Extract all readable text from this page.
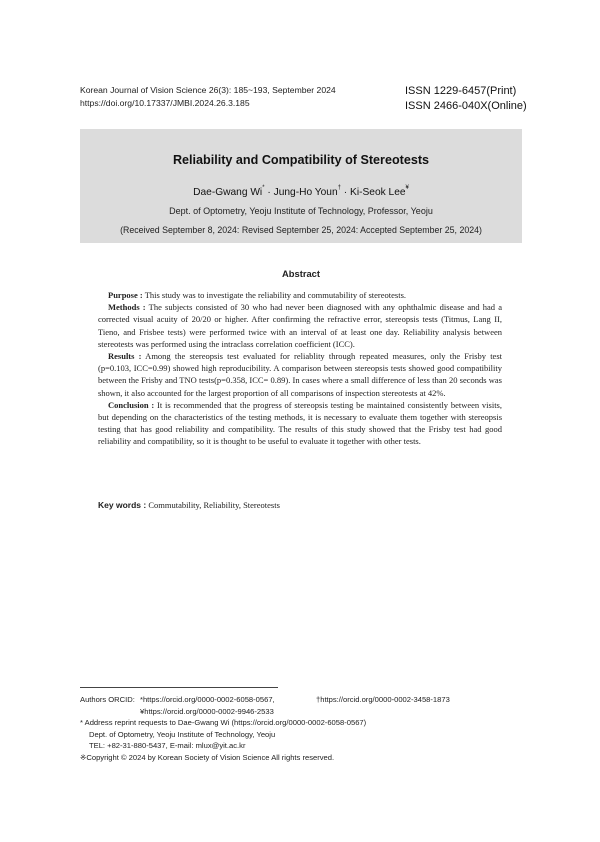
Korean Journal of Vision Science 26(3): 185~193, September 2024
https://doi.org/10.17337/JMBI.2024.26.3.185
ISSN 1229-6457(Print)
ISSN 2466-040X(Online)
Reliability and Compatibility of Stereotests
Dae-Gwang Wi* · Jung-Ho Youn† · Ki-Seok Lee¥
Dept. of Optometry, Yeoju Institute of Technology, Professor, Yeoju
(Received September 8, 2024: Revised September 25, 2024: Accepted September 25, 2024)
Abstract

Purpose : This study was to investigate the reliability and commutability of stereotests.

Methods : The subjects consisted of 30 who had never been diagnosed with any ophthalmic disease and had a corrected visual acuity of 20/20 or higher. After confirming the refractive error, stereopsis tests (Titmus, Lang II, Tieno, and Frisbee tests) were performed twice with an interval of at least one day. Reliability analysis between stereotests was performed using the intraclass correlation coefficient (ICC).

Results : Among the stereopsis test evaluated for reliablity through repeated measures, only the Frisby test (p=0.103, ICC=0.99) showed high reproducibility. A comparison between stereopsis tests showed good compatibility between the Frisby and TNO tests(p=0.358, ICC= 0.89). In cases where a small difference of less than 20 seconds was shown, it also accounted for the largest proportion of all comparisons of inspection stereotests at 42%.

Conclusion : It is recommended that the progress of stereopsis testing be maintained consistently between visits, but depending on the characteristics of the testing methods, it is necessary to evaluate them together with stereopsis testing that has good reliability and compatibility. The results of this study showed that the Frisby test had good reliability and compatibility, so it is thought to be useful to evaluate it together with other tests.

Key words : Commutability, Reliability, Stereotests
Authors ORCID: *https://orcid.org/0000-0002-6058-0567,	†https://orcid.org/0000-0002-3458-1873
¥https://orcid.org/0000-0002-9946-2533
* Address reprint requests to Dae-Gwang Wi (https://orcid.org/0000-0002-6058-0567)
Dept. of Optometry, Yeoju Institute of Technology, Yeoju
TEL: +82-31-880-5437, E-mail: mlux@yit.ac.kr
※Copyright © 2024 by Korean Society of Vision Science All rights reserved.
